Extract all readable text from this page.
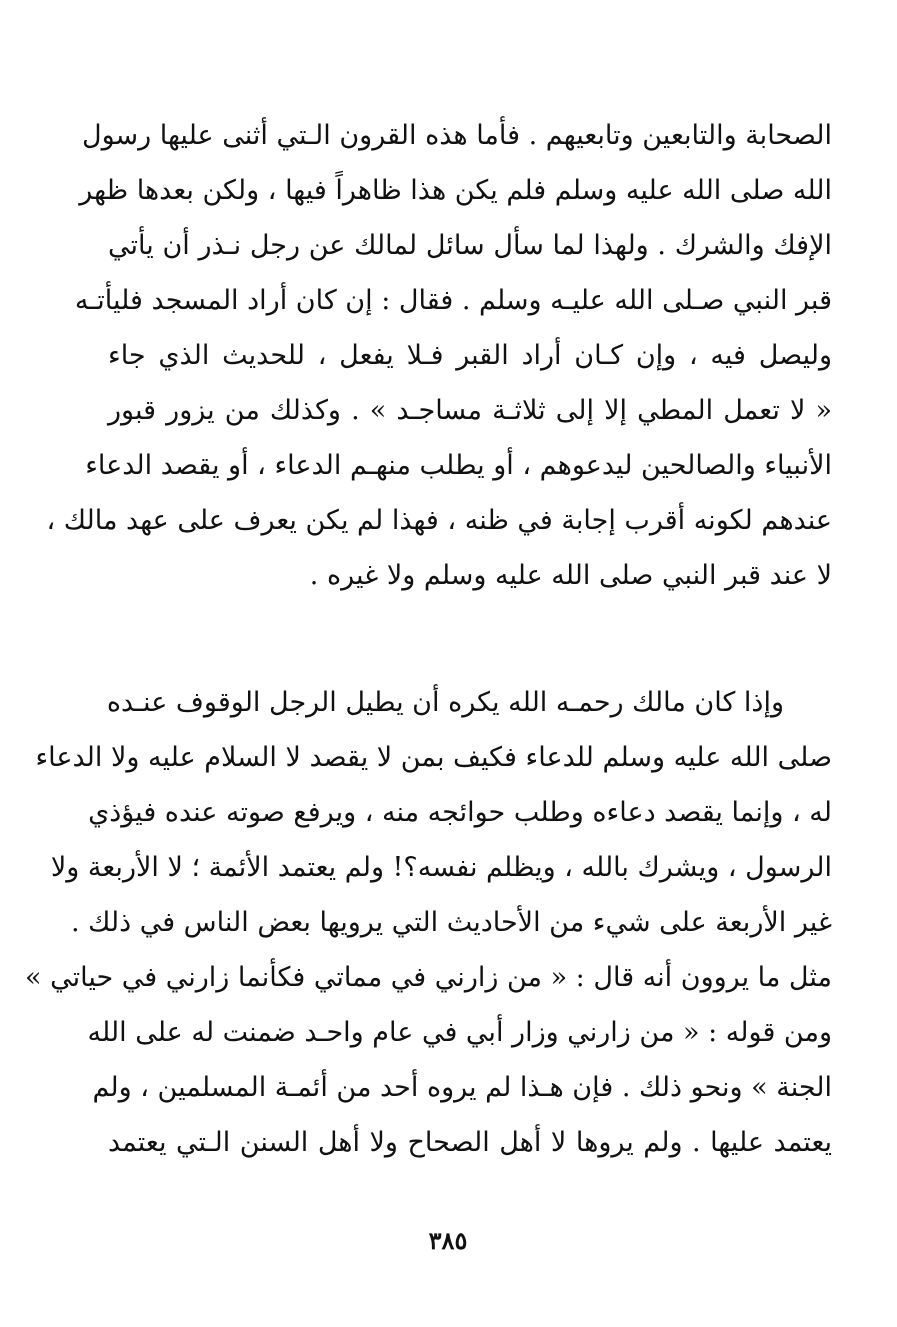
الصحابة والتابعين وتابعيهم . فأما هذه القرون الـتي أثنى عليها رسول
الله صلى الله عليه وسلم فلم يكن هذا ظاهراً فيها ، ولكن بعدها ظهر
الإفك والشرك . ولهذا لما سأل سائل لمالك عن رجل نـذر أن يأتي
قبر النبي صـلى الله عليـه وسلم . فقال : إن كان أراد المسجد فليأتـه
وليصل فيه ، وإن كـان أراد القبر فـلا يفعل ، للحديث الذي جاء
« لا تعمل المطي إلا إلى ثلاثـة مساجـد » . وكذلك من يزور قبور
الأنبياء والصالحين ليدعوهم ، أو يطلب منهـم الدعاء ، أو يقصد الدعاء
عندهم لكونه أقرب إجابة في ظنه ، فهذا لم يكن يعرف على عهد مالك ،
لا عند قبر النبي صلى الله عليه وسلم ولا غيره .
وإذا كان مالك رحمـه الله يكره أن يطيل الرجل الوقوف عنـده
صلى الله عليه وسلم للدعاء فكيف بمن لا يقصد لا السلام عليه ولا الدعاء
له ، وإنما يقصد دعاءه وطلب حوائجه منه ، ويرفع صوته عنده فيؤذي
الرسول ، ويشرك بالله ، ويظلم نفسه؟! ولم يعتمد الأئمة ؛ لا الأربعة ولا
غير الأربعة على شيء من الأحاديث التي يرويها بعض الناس في ذلك .
مثل ما يروون أنه قال : « من زارني في مماتي فكأنما زارني في حياتي »
ومن قوله : « من زارني وزار أبي في عام واحـد ضمنت له على الله
الجنة » ونحو ذلك . فإن هـذا لم يروه أحد من أئمـة المسلمين ، ولم
يعتمد عليها . ولم يروها لا أهل الصحاح ولا أهل السنن الـتي يعتمد
٣٨٥
